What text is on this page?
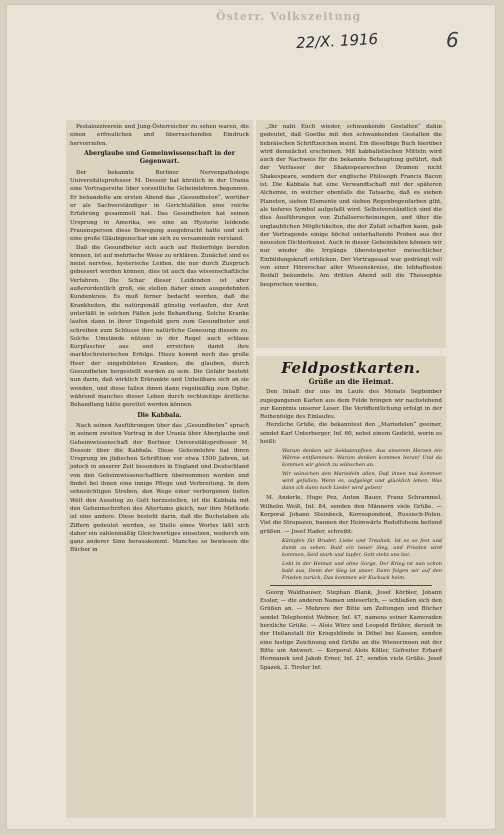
Österr. Volkszeitung
22/X. 1916	6

Pestalozziverein und Jung-Österreicher zu sehen waren, die einen erfreulichen und überraschenden Eindruck hervorriefen.

Aberglaube und Gemeinwissenschaft in der Gegenwart.

Der bekannte Berliner Nervenpathologe Universitätsprofessor M. Dessoir hat kürzlich in der Urania eine Vortragsreihe über vorzeitliche Geheimlehren begonnen. Er behandelte am ersten Abend das „Gesundbeten“, worüber er als Sachverständiger in Gerichtsfällen eine reiche Erfahrung gesammelt hat. Das Gesundbeten hat seinen Ursprung in Amerika, wo eine an Hysterie leidende Frauensperson diese Bewegung ausgebracht hatte und sich eine große Gläubigenschar um sich zu versammeln verstand.

Daß die Gesundbeter sich auch auf Heilerfolge berufen können, ist auf mehrfache Weise zu erklären. Zunächst sind es meist nervöse, hysterische Leiden, die nur durch Zuspruch gebessert werden können, dies ist auch das wissenschaftliche Verfahren. Die Schar dieser Leidenden ist aber außerordentlich groß, sie stellen daher einen ausgedehnten Kundenkreis. Es muß ferner bedacht werden, daß die Krankheiten, die natürgemäß günstig verlaufen, der Arzt unterläßt in solchen Fällen jede Behandlung. Solche Kranke laufen dann in ihrer Ungeduld gern zum Gesundbeter und schreiben zum Schlusse ihre natürliche Genesung diesem zu. Solche Umstände nützen in der Regel auch schlaue Kurpfuscher aus und erreichen damit ihre marktschreierischen Erfolge. Hiezu kommt noch das große Heer der eingebildeten Kranken, die glauben, durch Gesundbeten hergestellt worden zu sein. Die Gefahr besteht nun darin, daß wirklich Erkrankte und Unheilbare sich an sie wenden, und diese fallen ihnen dann regelmäßig zum Opfer, während manches dieser Leben durch rechtzeitige ärztliche Behandlung hätte gerettet werden können.

Die Kabbala.

Nach seinen Ausführungen über das „Gesundbeten“ sprach in seinem zweiten Vortrag in der Urania über Aberglaube und Geheimwissenschaft der Berliner Universitätsprofessor M. Dessoir über die Kabbala. Diese Geheimlehre hat ihren Ursprung im jüdischen Schrifttum vor etwa 1500 Jahren, ist jedoch in unserer Zeit besonders in England und Deutschland von den Geheimwissenschaftlern übernommen worden und findet bei ihnen eine innige Pflege und Verbreitung. In dem sehnsüchtigen Streben, den Wege einer verborgenen tiefen Welt den Ausstieg zu Gott herzustellen, ist die Kabbala mit den Geheimschriften des Altertums gleich, nur ihre Methode ist eine andere. Diese besteht darin, daß die Buchstaben als Ziffern gedeutet werden, so Stelle eines Wortes läßt sich daher ein zahlenmäßig Gleichwertiges einsetzen, wodurch ein ganz anderer Sinn herauskommt. Manches so bewiesen die Bücher in

„Ihr naht Euch wieder, schwankende Gestalten“ dahin gedeutet, daß Goethe mit den schwankenden Gestalten die hebräischen Schriftzeichen meint. Ein dieselbige Buch hierüber wird demnächst erscheinen. Mit kabbalistischen Mitteln wird auch der Nachweis für die bekannte Behauptung geführt, daß der Verfasser der Shakespeareschen Dramen nicht Shakespeare, sondern der englische Philosoph Francis Bacon ist. Die Kabbala hat eine Verwandtschaft mit der späteren Alchemie, in welcher ebenfalls die Tatsache, daß es sieben Planeten, sieben Elemente und sieben Regenbogenfarben gibt, als tieferes Symbol aufgefaßt wird. Selbstverständlich sind die dies Ausführungen von Zufallserscheinungen, und über die unglaublichen Möglichkeiten, die der Zufall schaffen kann, gab der Vortragende einige höchst unterhaltende Proben aus der neuesten Dichterkunst. Auch in dieser Geheimlehre können wir nur wieder die Irrgänge übersteigerter menschlicher Einbildungskraft erblicken. Der Vortragssaal war gedrängt voll von einer Hörerschar aller Wissenskreise, die lebhaftesten Beifall bekundete. Am dritten Abend soll die Theosophie besprochen werden.

Feldpostkarten.
Grüße an die Heimat.

Den Inhalt der uns im Laufe des Monats September zugegangenen Karten aus dem Felde bringen wir nachstehend zur Kenntnis unserer Leser. Die Veröffentlichung erfolgt in der Reihenfolge des Einlaufes.

Herzliche Grüße, die bekanntest den „Mariedelen“ geeiner, sendet Karl Unterberger, Inf. 60, nebst einem Gedicht, worin es heißt:

Warum denken wir Soldatenpfnen. Aus unserem Herzen ein Wärme entflammen: Warum denken kommen heran! Und da kommen wir gleich zu wünschen an.
Wir wünschen den Mariedeln allen, Daß ihnen mal kommen wird gefallen; Wenn es, aufgelegt und glücklich leben, Was dann ich dann noch Lieder wird geben!

M. Andorle, Hugo Pez, Anton Bauer, Franz Schrammel, Wilhelm Weiß, Inf. 84, senden den Männern viele Grüße. — Korporal Johann Steinbeck, Korrespondent, Russisch-Polen. Viel die Strapazen, bannen der Heimwärts Rudolfsheim beitend grüßen. — Josef Hader, schreibt:

Kämpfen für Bruder, Liebe und Treuheit, Ist es so fest und dumb zu sehen. Bald ein neuer Sieg, und Frieden wird kommen, Seid stark und tapfer, Gott steht uns bei.
Lebt in der Heimat und ohne Sorge, Der Krieg ist nun schon bald aus, Denn der Sieg ist unser, Dann folgen wir auf den Frieden zurück, Das kommen wir Kuckuck heim.

Georg Waldhauser, Stephan Blank, Josef Körbler, Johann Essler, — die anderen Namen unleserlich, — schließen sich den Grüßen an. — Mehrere der Bitte um Zeitungen und Bücher sendet Telephonist Webner, Inf. 47, namens seiner Kameraden herzliche Grüße. — Alois Würz und Leopold Brüher, derzeit in der Heilanstalt für Kriegsblinde in Döbel bei Kassen, senden eine lustige Zeichnung und Grüße an die Wienerinnen mit der Bitte um Antwort. — Korporal Alois Köller, Gefreiter Erhard Hermanek und Jakob Erner, Inf. 27, senden viele Grüße. Josef Spazek, 2. Tiroler Inf.
